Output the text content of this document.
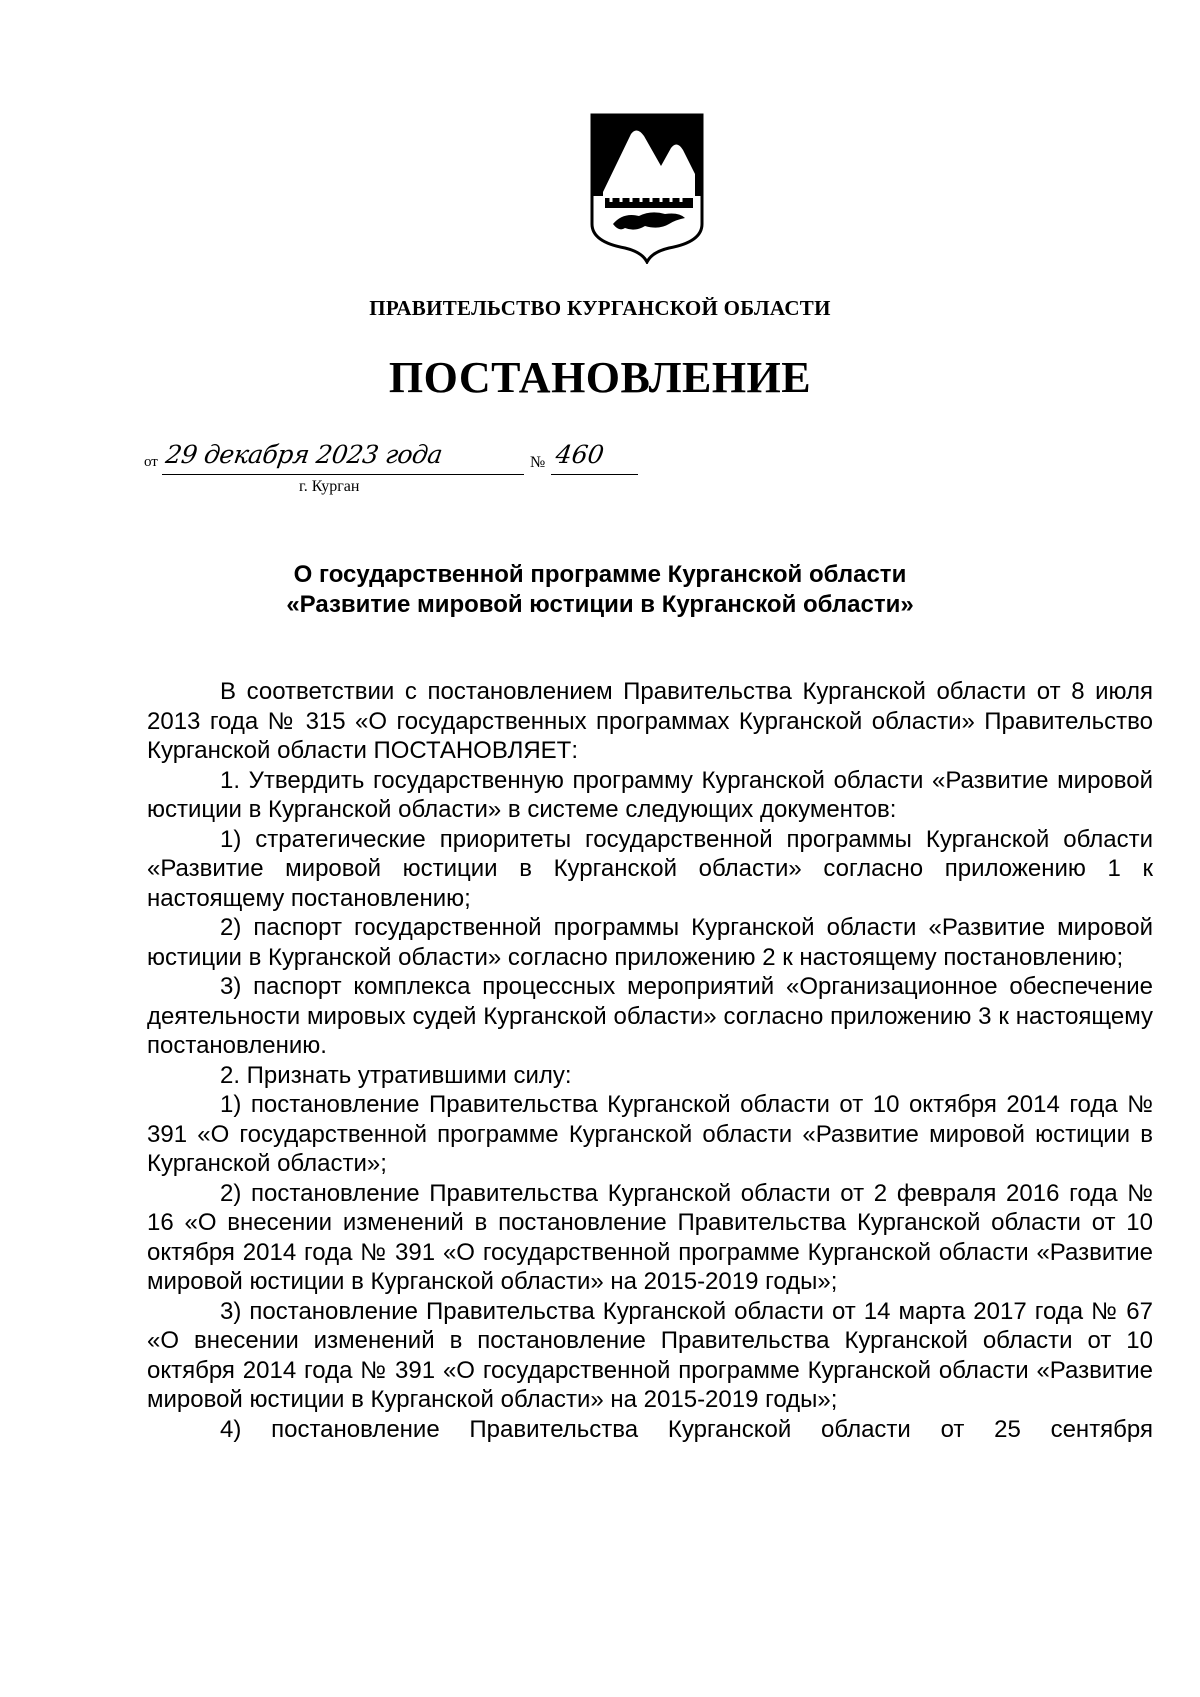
ПРАВИТЕЛЬСТВО КУРГАНСКОЙ ОБЛАСТИ
ПОСТАНОВЛЕНИЕ
от 29 декабря 2023 года	№ 460
г. Курган
О государственной программе Курганской области
«Развитие мировой юстиции в Курганской области»

В соответствии с постановлением Правительства Курганской области от 8 июля 2013 года № 315 «О государственных программах Курганской области» Правительство Курганской области ПОСТАНОВЛЯЕТ:

1. Утвердить государственную программу Курганской области «Развитие мировой юстиции в Курганской области» в системе следующих документов:

1) стратегические приоритеты государственной программы Курганской области «Развитие мировой юстиции в Курганской области» согласно приложению 1 к настоящему постановлению;

2) паспорт государственной программы Курганской области «Развитие мировой юстиции в Курганской области» согласно приложению 2 к настоящему постановлению;

3) паспорт комплекса процессных мероприятий «Организационное обеспечение деятельности мировых судей Курганской области» согласно приложению 3 к настоящему постановлению.

2. Признать утратившими силу:

1) постановление Правительства Курганской области от 10 октября 2014 года № 391 «О государственной программе Курганской области «Развитие мировой юстиции в Курганской области»;

2) постановление Правительства Курганской области от 2 февраля 2016 года № 16 «О внесении изменений в постановление Правительства Курганской области от 10 октября 2014 года № 391 «О государственной программе Курганской области «Развитие мировой юстиции в Курганской области» на 2015-2019 годы»;

3) постановление Правительства Курганской области от 14 марта 2017 года № 67 «О внесении изменений в постановление Правительства Курганской области от 10 октября 2014 года № 391 «О государственной программе Курганской области «Развитие мировой юстиции в Курганской области» на 2015-2019 годы»;

4) постановление Правительства Курганской области от 25 сентября
